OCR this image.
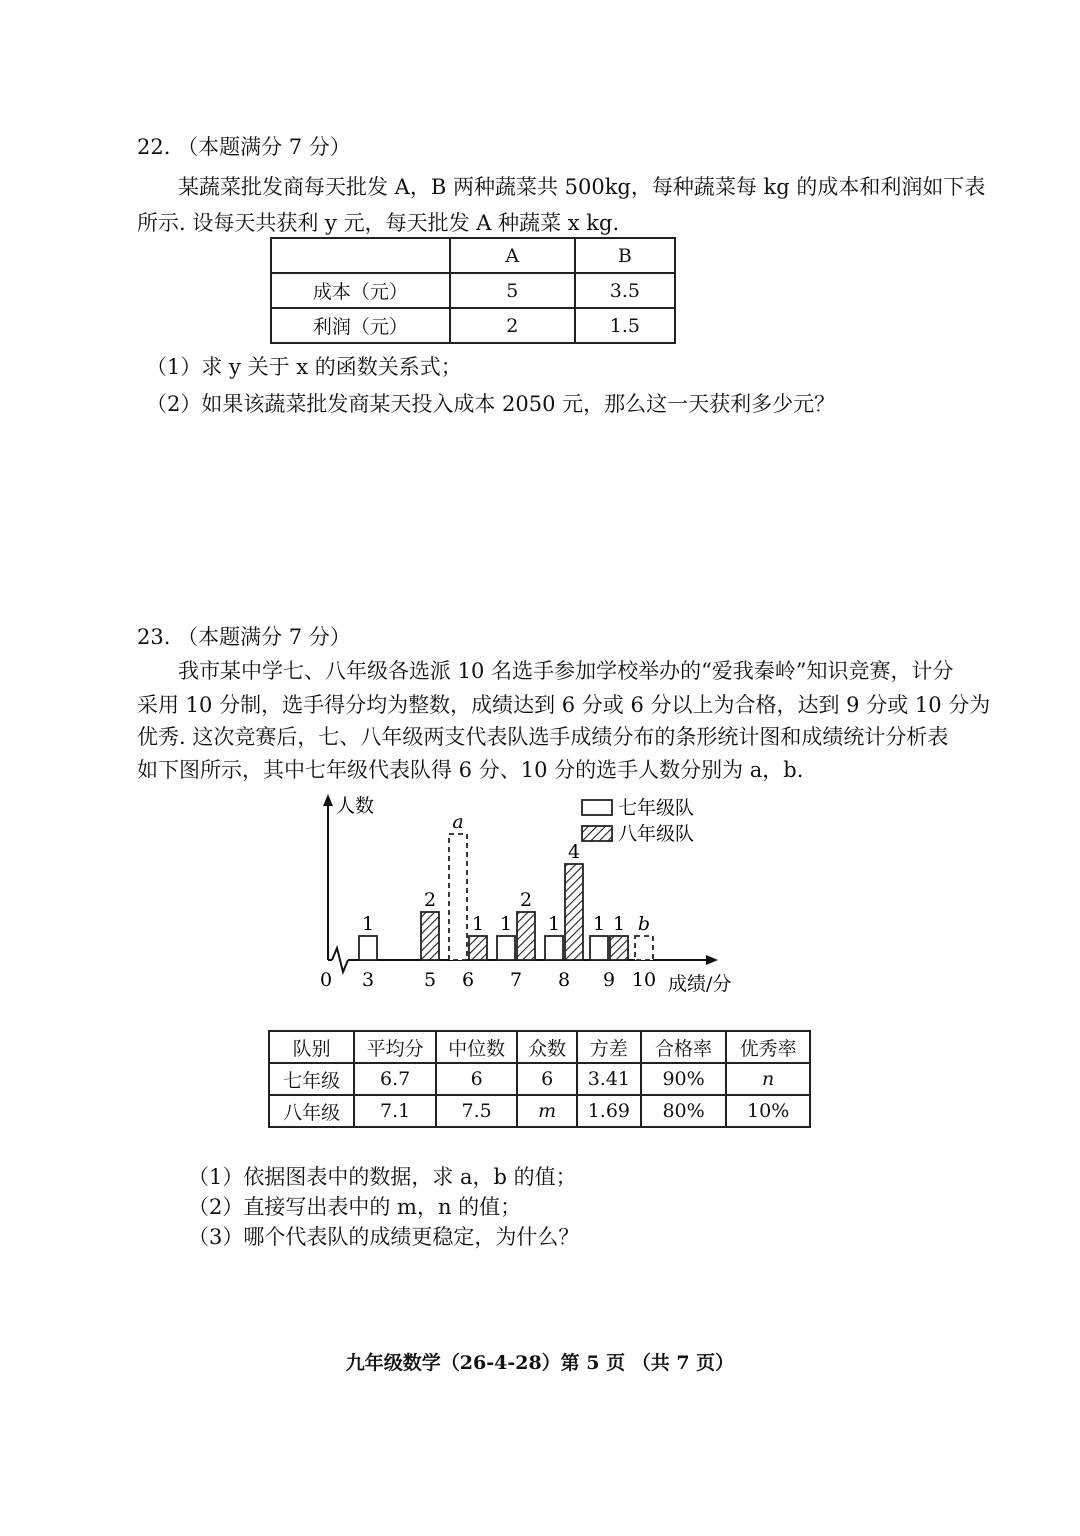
22. （本题满分 7 分）
某蔬菜批发商每天批发 A，B 两种蔬菜共 500kg，每种蔬菜每 kg 的成本和利润如下表
所示. 设每天共获利 y 元，每天批发 A 种蔬菜 x kg.
	A	B
成本（元）	5	3.5
利润（元）	2	1.5
（1）求 y 关于 x 的函数关系式；
（2）如果该蔬菜批发商某天投入成本 2050 元，那么这一天获利多少元？
23. （本题满分 7 分）
我市某中学七、八年级各选派 10 名选手参加学校举办的“爱我秦岭”知识竞赛，计分
采用 10 分制，选手得分均为整数，成绩达到 6 分或 6 分以上为合格，达到 9 分或 10 分为
优秀. 这次竞赛后，七、八年级两支代表队选手成绩分布的条形统计图和成绩统计分析表
如下图所示，其中七年级代表队得 6 分、10 分的选手人数分别为 a，b.
人数
成绩/分
0 3
1
5
2
6
a
1
7
1
2
8
1
4
9
1 1
10
b
七年级队
八年级队
队别	平均分	中位数	众数	方差	合格率	优秀率
七年级	6.7	6	6	3.41	90%	n
八年级	7.1	7.5	m	1.69	80%	10%
（1）依据图表中的数据，求 a，b 的值；
（2）直接写出表中的 m，n 的值；
（3）哪个代表队的成绩更稳定，为什么？
九年级数学（26-4-28）第 5 页 （共 7 页）
